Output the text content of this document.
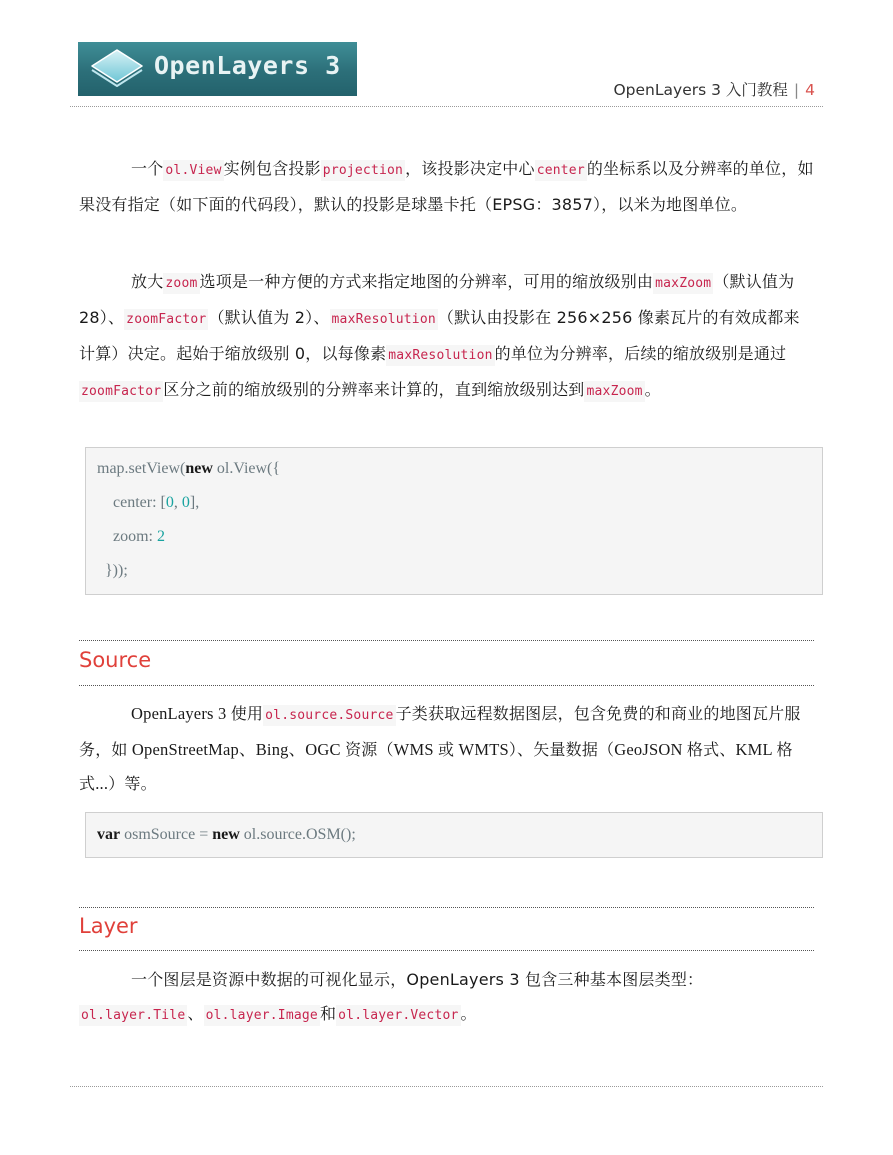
OpenLayers 3
OpenLayers 3 入门教程 | 4

一个 ol.View 实例包含投影 projection ，该投影决定中心 center 的坐标系以及分辨率的单位，如果没有指定（如下面的代码段），默认的投影是球墨卡托（EPSG：3857），以米为地图单位。

放大 zoom 选项是一种方便的方式来指定地图的分辨率，可用的缩放级别由 maxZoom （默认值为 28）、 zoomFactor （默认值为 2）、 maxResolution （默认由投影在 256×256 像素瓦片的有效成都来计算）决定。起始于缩放级别 0，以每像素 maxResolution 的单位为分辨率，后续的缩放级别是通过zoomFactor 区分之前的缩放级别的分辨率来计算的，直到缩放级别达到 maxZoom 。

map.setView(new ol.View({
center: [0, 0],
zoom: 2
}));
Source

OpenLayers 3 使用 ol.source.Source 子类获取远程数据图层，包含免费的和商业的地图瓦片服务，如 OpenStreetMap、Bing、OGC 资源（WMS 或 WMTS）、矢量数据（GeoJSON 格式、KML 格式...）等。

var osmSource = new ol.source.OSM();
Layer

一个图层是资源中数据的可视化显示，OpenLayers 3 包含三种基本图层类型：ol.layer.Tile 、 ol.layer.Image 和 ol.layer.Vector 。
